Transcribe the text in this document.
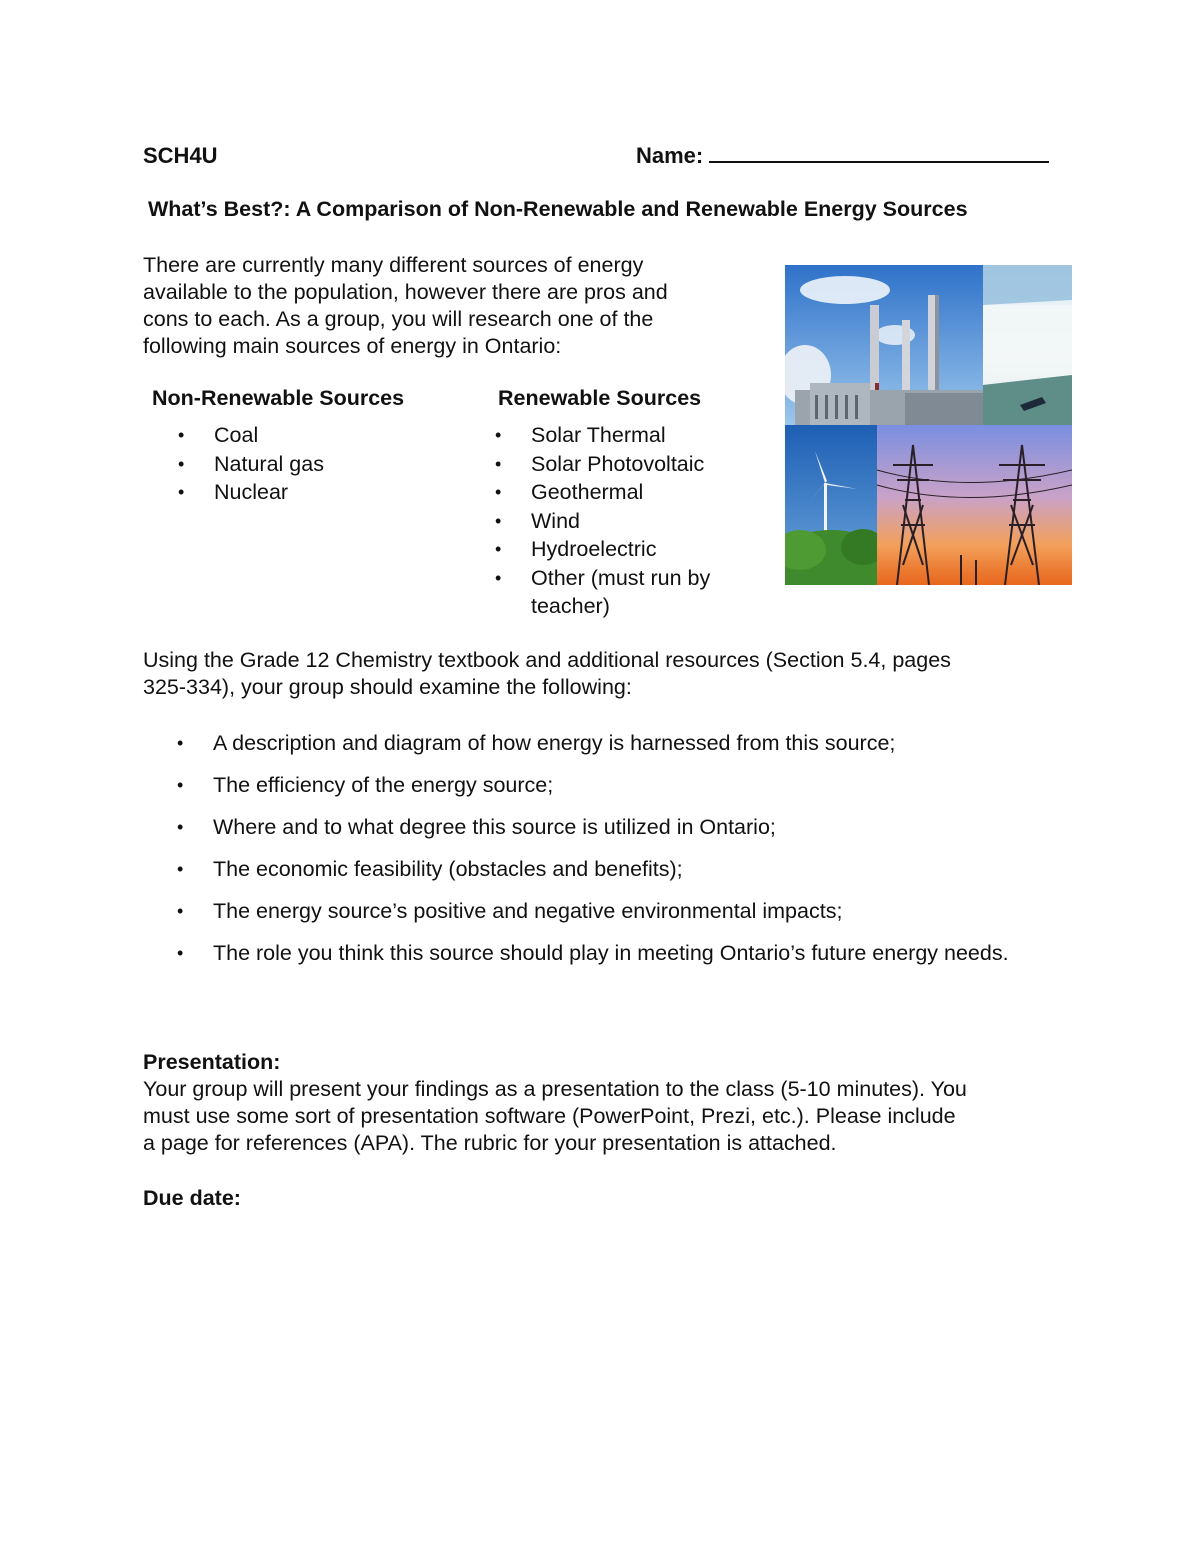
SCH4U	Name:
What’s Best?: A Comparison of Non-Renewable and Renewable Energy Sources
There are currently many different sources of energy
available to the population, however there are pros and
cons to each. As a group, you will research one of the
following main sources of energy in Ontario:
Non-Renewable Sources
• Coal
• Natural gas
• Nuclear
Renewable Sources
• Solar Thermal
• Solar Photovoltaic
• Geothermal
• Wind
• Hydroelectric
• Other (must run by teacher)
Using the Grade 12 Chemistry textbook and additional resources (Section 5.4, pages
325-334), your group should examine the following:
• A description and diagram of how energy is harnessed from this source;
• The efficiency of the energy source;
• Where and to what degree this source is utilized in Ontario;
• The economic feasibility (obstacles and benefits);
• The energy source’s positive and negative environmental impacts;
• The role you think this source should play in meeting Ontario’s future energy needs.
Presentation:
Your group will present your findings as a presentation to the class (5-10 minutes). You
must use some sort of presentation software (PowerPoint, Prezi, etc.). Please include
a page for references (APA). The rubric for your presentation is attached.
Due date:
